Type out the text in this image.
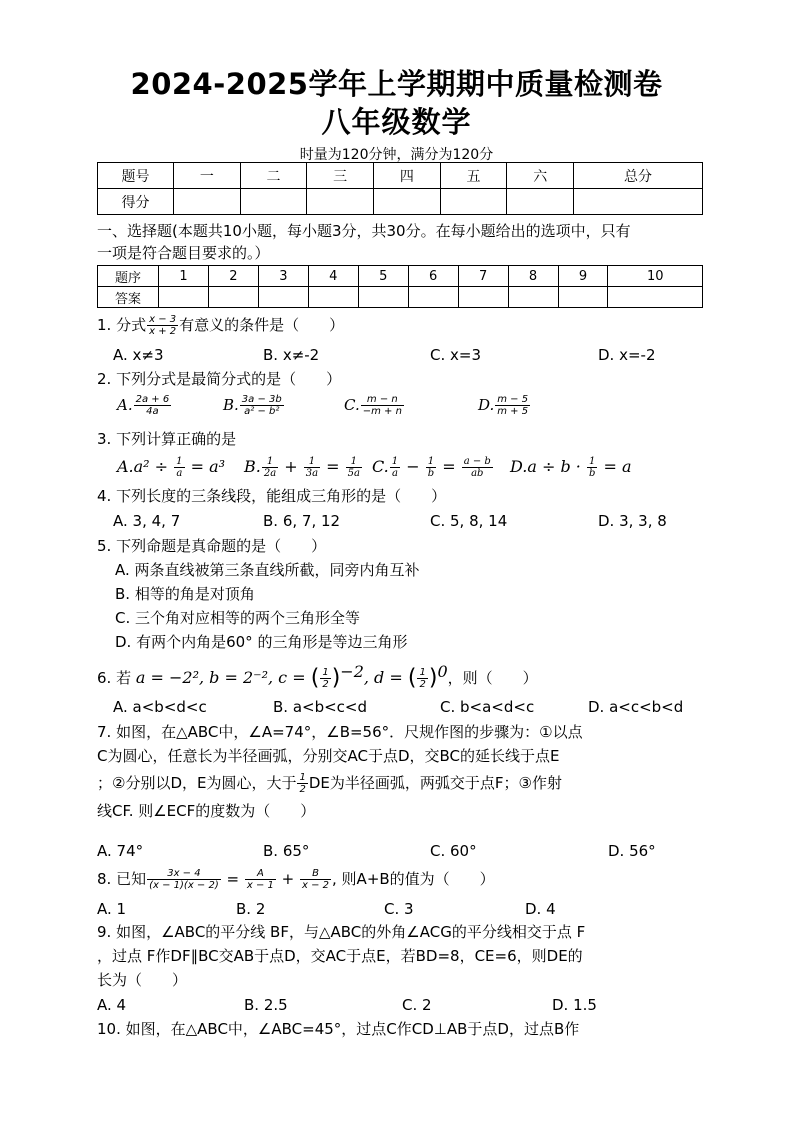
2024-2025学年上学期期中质量检测卷
八年级数学
时量为120分钟，满分为120分
题号	一	二	三	四	五	六	总分
得分							
一、选择题(本题共10小题，每小题3分，共30分。在每小题给出的选项中，只有
一项是符合题目要求的。）
题序	1	2	3	4	5	6	7	8	9	10
答案										
1. 分式 $\frac{x - 3}{x + 2}$ 有意义的条件是（　　）
A. x≠3	B. x≠-2	C. x=3	D. x=-2
2. 下列分式是最简分式的是（　　）
A. $\frac{2a + 6}{4a}$	B. $\frac{3a - 3b}{\text{a² − b²}}$	C. $\frac{m - n}{-m + n}$	D. $\frac{m - 5}{m + 5}$
3. 下列计算正确的是
$A.a^2 \div \frac{1}{a} = a^3$ B. $\frac{1}{2a} + \frac{1}{3a} = \frac{1}{5a} C$. $\frac{1}{a} - \frac{1}{b} = \frac{a - b}{ab} D.a \div b \cdot \frac{1}{b} = a$
4. 下列长度的三条线段，能组成三角形的是（　　）
A. 3, 4, 7	B. 6, 7, 12	C. 5, 8, 14	D. 3, 3, 8
5. 下列命题是真命题的是（　　）
A. 两条直线被第三条直线所截，同旁内角互补
B. 相等的角是对顶角
C. 三个角对应相等的两个三角形全等
D. 有两个内角是60° 的三角形是等边三角形
6. 若 a = −2², b = 2⁻², c = ( $\frac{1}{2} )^{-2}$, d = ( $\frac{1}{2} )^0$，则（　　）
A. a<b<d<c	B. a<b<c<d	C. b<a<d<c	D. a<c<b<d
7. 如图，在△ABC中，∠A=74°，∠B=56°．尺规作图的步骤为：①以点
C为圆心，任意长为半径画弧，分别交AC于点D，交BC的延长线于点E
；②分别以D，E为圆心，大于 $\frac{1}{2}$ DE为半径画弧，两弧交于点F；③作射
线CF. 则∠ECF的度数为（　　）
A. 74°	B. 65°	C. 60°	D. 56°
8. 已知 $\frac{3x - 4}{(x - 1)(x - 2)} = \frac{A}{x - 1} + \frac{B}{x - 2}$ , 则A+B的值为（　　）
A. 1	B. 2	C. 3	D. 4
9. 如图，∠ABC的平分线 BF，与△ABC的外角∠ACG的平分线相交于点 F
，过点 F作DF∥BC交AB于点D，交AC于点E，若BD=8，CE=6，则DE的
长为（　　）
A. 4	B. 2.5	C. 2	D. 1.5
10. 如图，在△ABC中，∠ABC=45°，过点C作CD⊥AB于点D，过点B作
